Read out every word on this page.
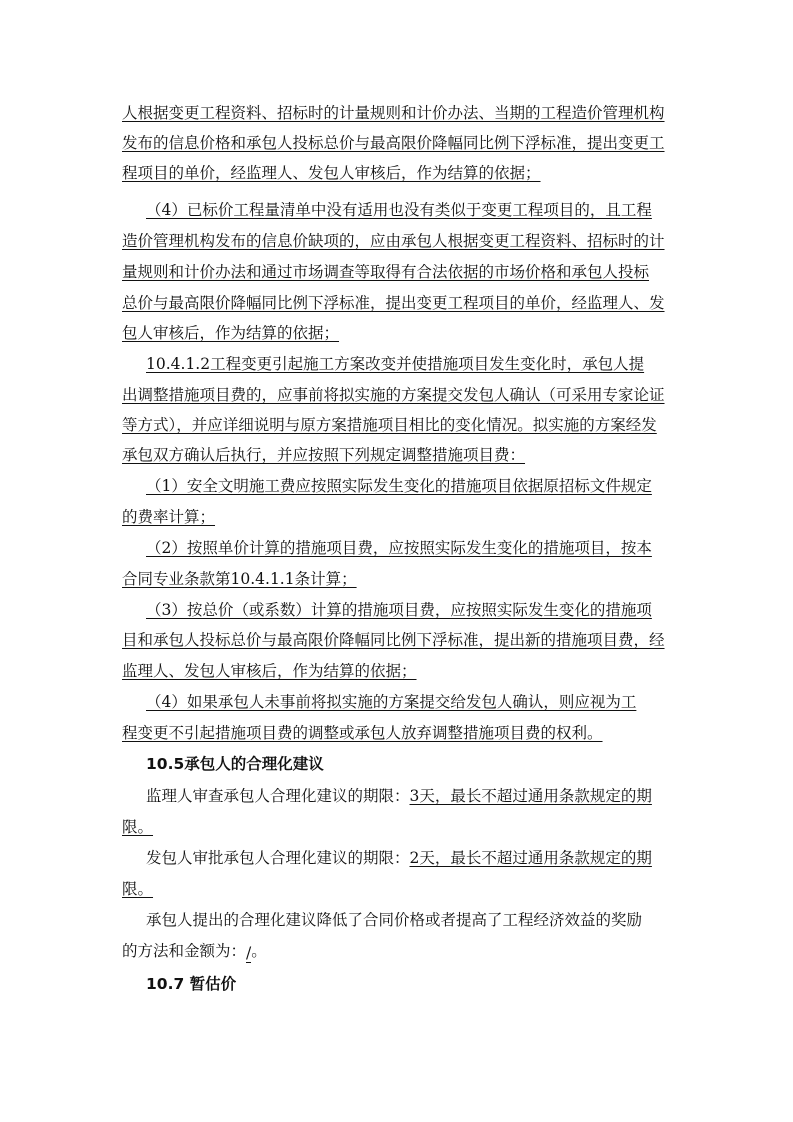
人根据变更工程资料、招标时的计量规则和计价办法、当期的工程造价管理机构
发布的信息价格和承包人投标总价与最高限价降幅同比例下浮标准，提出变更工
程项目的单价，经监理人、发包人审核后，作为结算的依据；
（4）已标价工程量清单中没有适用也没有类似于变更工程项目的，且工程
造价管理机构发布的信息价缺项的，应由承包人根据变更工程资料、招标时的计
量规则和计价办法和通过市场调查等取得有合法依据的市场价格和承包人投标
总价与最高限价降幅同比例下浮标准，提出变更工程项目的单价，经监理人、发
包人审核后，作为结算的依据；
10.4.1.2工程变更引起施工方案改变并使措施项目发生变化时，承包人提
出调整措施项目费的，应事前将拟实施的方案提交发包人确认（可采用专家论证
等方式），并应详细说明与原方案措施项目相比的变化情况。拟实施的方案经发
承包双方确认后执行，并应按照下列规定调整措施项目费：
（1）安全文明施工费应按照实际发生变化的措施项目依据原招标文件规定
的费率计算；
（2）按照单价计算的措施项目费，应按照实际发生变化的措施项目，按本
合同专业条款第10.4.1.1条计算；
（3）按总价（或系数）计算的措施项目费，应按照实际发生变化的措施项
目和承包人投标总价与最高限价降幅同比例下浮标准，提出新的措施项目费，经
监理人、发包人审核后，作为结算的依据；
（4）如果承包人未事前将拟实施的方案提交给发包人确认，则应视为工
程变更不引起措施项目费的调整或承包人放弃调整措施项目费的权利。
10.5承包人的合理化建议
监理人审查承包人合理化建议的期限：3天，最长不超过通用条款规定的期
限。
发包人审批承包人合理化建议的期限：2天，最长不超过通用条款规定的期
限。
承包人提出的合理化建议降低了合同价格或者提高了工程经济效益的奖励
的方法和金额为：/。
10.7 暂估价
